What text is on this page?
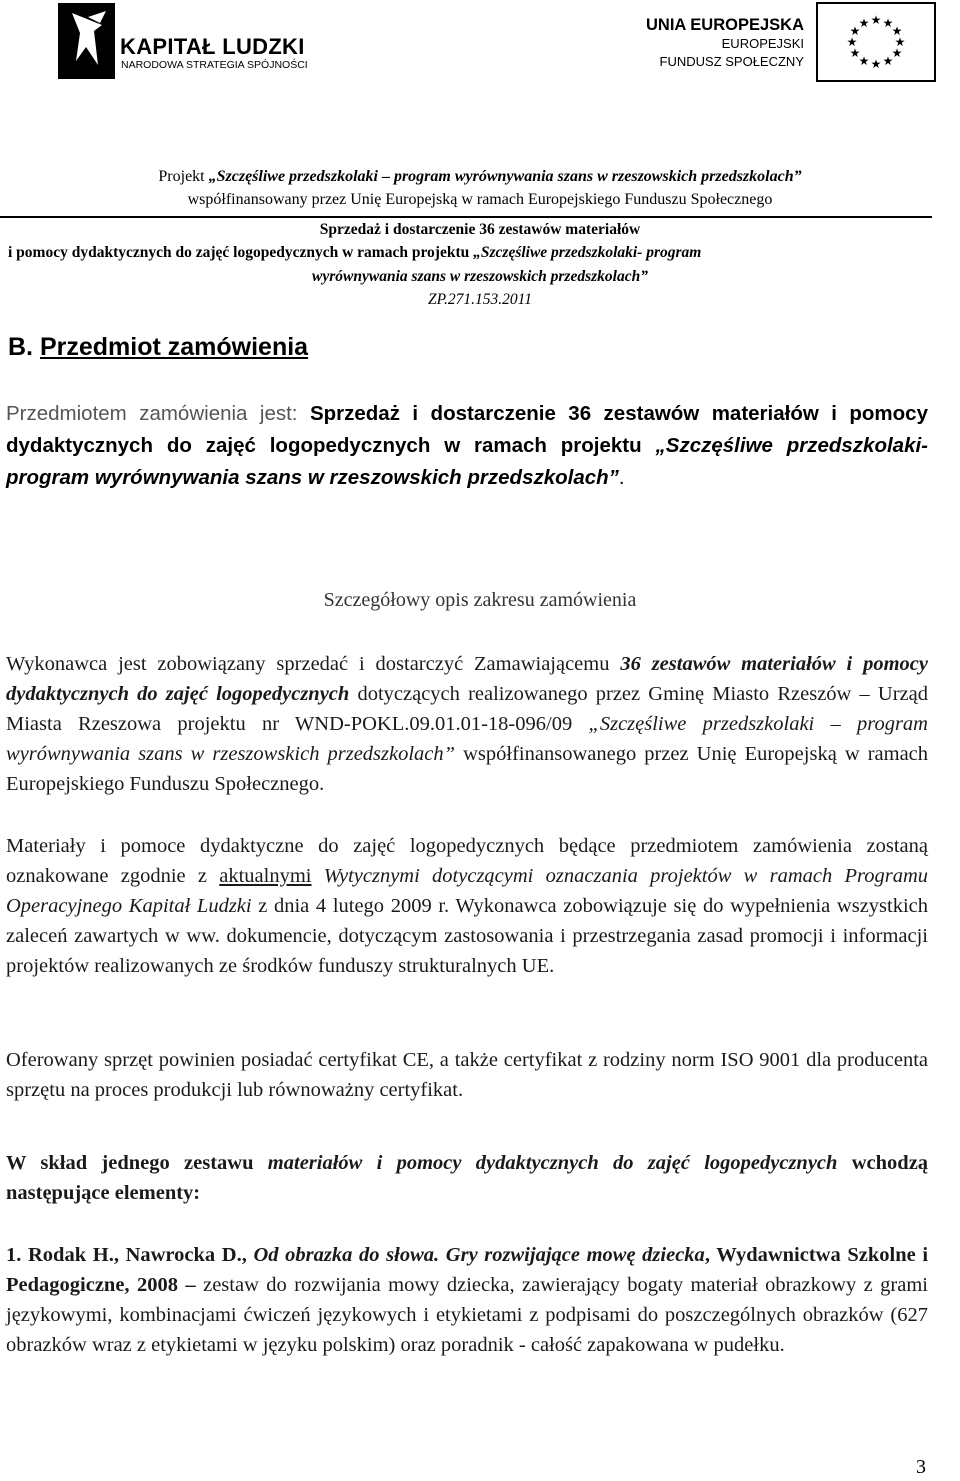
KAPITAŁ LUDZKI
NARODOWA STRATEGIA SPÓJNOŚCI
UNIA EUROPEJSKA
EUROPEJSKI
FUNDUSZ SPOŁECZNY
★ ★
★
★
★
★
★
★
★
★
★
★
Projekt „Szczęśliwe przedszkolaki – program wyrównywania szans w rzeszowskich przedszkolach”
współfinansowany przez Unię Europejską w ramach Europejskiego Funduszu Społecznego
Sprzedaż i dostarczenie 36 zestawów materiałów
i pomocy dydaktycznych do zajęć logopedycznych w ramach projektu „Szczęśliwe przedszkolaki- program
wyrównywania szans w rzeszowskich przedszkolach”
ZP.271.153.2011
B. Przedmiot zamówienia
Przedmiotem zamówienia jest: Sprzedaż i dostarczenie 36 zestawów materiałów i pomocy dydaktycznych do zajęć logopedycznych w ramach projektu „Szczęśliwe przedszkolaki- program wyrównywania szans w rzeszowskich przedszkolach”.
Szczegółowy opis zakresu zamówienia
Wykonawca jest zobowiązany sprzedać i dostarczyć Zamawiającemu 36 zestawów materiałów i pomocy dydaktycznych do zajęć logopedycznych dotyczących realizowanego przez Gminę Miasto Rzeszów – Urząd Miasta Rzeszowa projektu nr WND-POKL.09.01.01-18-096/09 „Szczęśliwe przedszkolaki – program wyrównywania szans w rzeszowskich przedszkolach” współfinansowanego przez Unię Europejską w ramach Europejskiego Funduszu Społecznego.
Materiały i pomoce dydaktyczne do zajęć logopedycznych będące przedmiotem zamówienia zostaną oznakowane zgodnie z aktualnymi Wytycznymi dotyczącymi oznaczania projektów w ramach Programu Operacyjnego Kapitał Ludzki z dnia 4 lutego 2009 r. Wykonawca zobowiązuje się do wypełnienia wszystkich zaleceń zawartych w ww. dokumencie, dotyczącym zastosowania i przestrzegania zasad promocji i informacji projektów realizowanych ze środków funduszy strukturalnych UE.
Oferowany sprzęt powinien posiadać certyfikat CE, a także certyfikat z rodziny norm ISO 9001 dla producenta sprzętu na proces produkcji lub równoważny certyfikat.
W skład jednego zestawu materiałów i pomocy dydaktycznych do zajęć logopedycznych wchodzą następujące elementy:
1. Rodak H., Nawrocka D., Od obrazka do słowa. Gry rozwijające mowę dziecka, Wydawnictwa Szkolne i Pedagogiczne, 2008 – zestaw do rozwijania mowy dziecka, zawierający bogaty materiał obrazkowy z grami językowymi, kombinacjami ćwiczeń językowych i etykietami z podpisami do poszczególnych obrazków (627 obrazków wraz z etykietami w języku polskim) oraz poradnik - całość zapakowana w pudełku.
3
